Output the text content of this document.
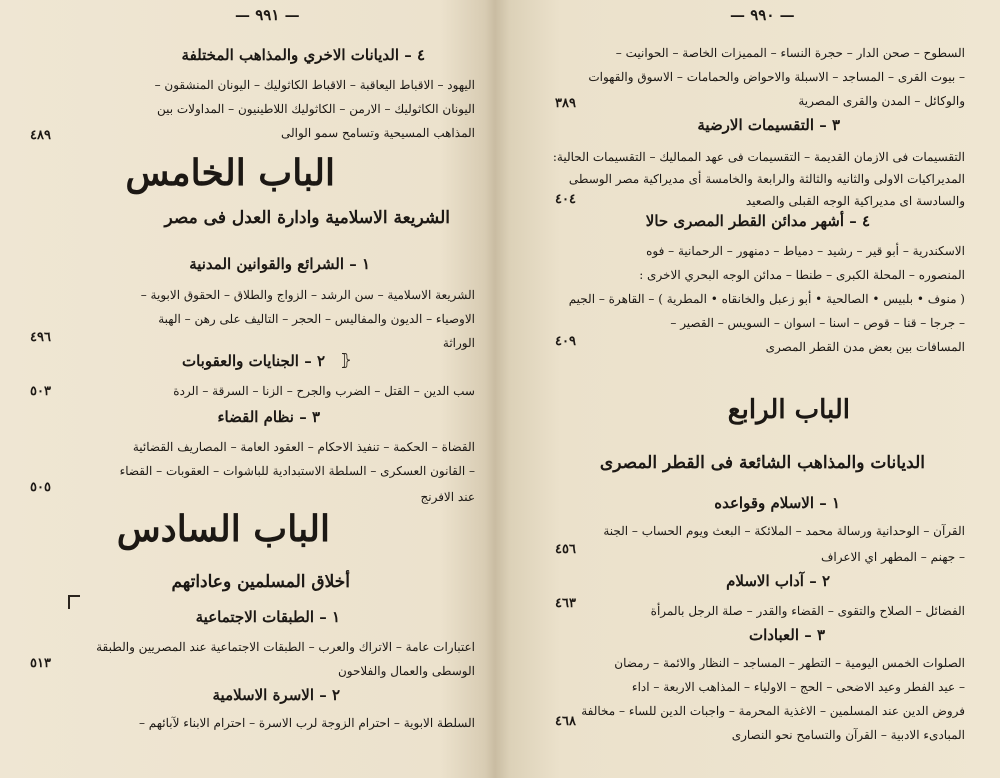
— ٩٩١ —
٤ – الديانات الاخري والمذاهب المختلفة
اليهود – الاقباط اليعاقبة – الاقباط الكاثوليك – اليونان المنشقون –
اليونان الكاثوليك – الارمن – الكاثوليك اللاطينيون – المداولات بين
المذاهب المسيحية وتسامح سمو الوالى
٤٨٩
الباب الخامس
الشريعة الاسلامية وادارة العدل فى مصر
١ – الشرائع والقوانين المدنية
الشريعة الاسلامية – سن الرشد – الزواج والطلاق – الحقوق الابوية –
الاوصياء – الديون والمفاليس – الحجر – التاليف على رهن – الهبة
الوراثة
٤٩٦
⦃
٢ – الجنايات والعقوبات
سب الدين – القتل – الضرب والجرح – الزنا – السرقة – الردة
٥٠٣
٣ – نظام القضاء
القضاة – الحكمة – تنفيذ الاحكام – العقود العامة – المصاريف القضائية
– القانون العسكرى – السلطة الاستبدادية للباشوات – العقوبات – القضاء
عند الافرنج
٥٠٥
الباب السادس
أخلاق المسلمين وعاداتهم
١ – الطبقات الاجتماعية
اعتبارات عامة – الاتراك والعرب – الطبقات الاجتماعية عند المصريين والطبقة
الوسطى والعمال والفلاحون
٥١٣
٢ – الاسرة الاسلامية
السلطة الابوية – احترام الزوجة لرب الاسرة – احترام الابناء لآبائهم –
— ٩٩٠ —
السطوح – صحن الدار – حجرة النساء – المميزات الخاصة – الحوانيت –
– بيوت القرى – المساجد – الاسبلة والاحواض والحمامات – الاسوق والقهوات
والوكائل – المدن والقرى المصرية
٣٨٩
٣ – التقسيمات الارضية
التقسيمات فى الازمان القديمة – التقسيمات فى عهد المماليك – التقسيمات الحالية:
المديراكيات الاولى والثانيه والثالثة والرابعة والخامسة أى مديراكية مصر الوسطى
والسادسة اى مديراكية الوجه القبلى والصعيد
٤٠٤
٤ – أشهر مدائن القطر المصرى حالا
الاسكندرية – أبو قير – رشيد – دمياط – دمنهور – الرحمانية – فوه
المنصوره – المحلة الكبرى – طنطا – مدائن الوجه البحري الاخرى :
( منوف • بلبيس • الصالحية • أبو زعبل والخانقاه • المطرية ) – القاهرة – الجيم
– جرجا – قنا – قوص – اسنا – اسوان – السويس – القصير –
المسافات بين بعض مدن القطر المصرى
٤٠٩
الباب الرابع
الديانات والمذاهب الشائعة فى القطر المصرى
١ – الاسلام وقواعده
القرآن – الوحدانية ورسالة محمد – الملائكة – البعث ويوم الحساب – الجنة
– جهنم – المطهر اي الاعراف
٤٥٦
٢ – آداب الاسلام
الفضائل – الصلاح والتقوى – القضاء والقدر – صلة الرجل بالمرأة
٤٦٣
٣ – العبادات
الصلوات الخمس اليومية – التطهر – المساجد – النظار والائمة – رمضان
– عيد الفطر وعيد الاضحى – الحج – الاولياء – المذاهب الاربعة – اداء
فروض الدين عند المسلمين – الاغذية المحرمة – واجبات الدين للساء – مخالفة
المبادىء الادبية – القرآن والتسامح نحو النصارى
٤٦٨
